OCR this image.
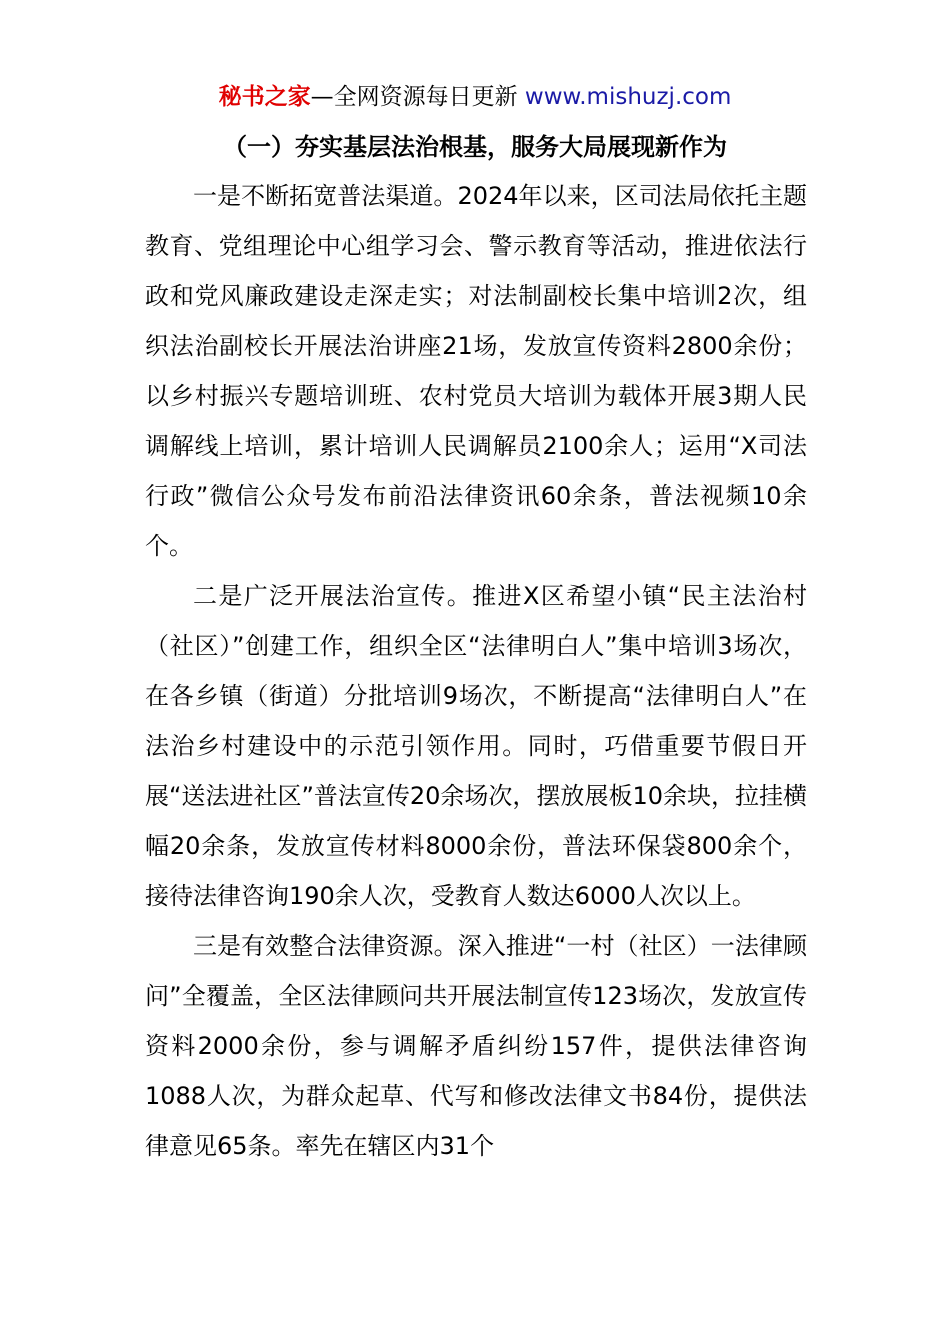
秘书之家—全网资源每日更新 www.mishuzj.com
（一）夯实基层法治根基，服务大局展现新作为

一是不断拓宽普法渠道。2024年以来，区司法局依托主题教育、党组理论中心组学习会、警示教育等活动，推进依法行政和党风廉政建设走深走实；对法制副校长集中培训2次，组织法治副校长开展法治讲座21场，发放宣传资料2800余份；以乡村振兴专题培训班、农村党员大培训为载体开展3期人民调解线上培训，累计培训人民调解员2100余人；运用“X司法行政”微信公众号发布前沿法律资讯60余条，普法视频10余个。

二是广泛开展法治宣传。推进X区希望小镇“民主法治村（社区）”创建工作，组织全区“法律明白人”集中培训3场次，在各乡镇（街道）分批培训9场次，不断提高“法律明白人”在法治乡村建设中的示范引领作用。同时，巧借重要节假日开展“送法进社区”普法宣传20余场次，摆放展板10余块，拉挂横幅20余条，发放宣传材料8000余份，普法环保袋800余个，接待法律咨询190余人次，受教育人数达6000人次以上。

三是有效整合法律资源。深入推进“一村（社区）一法律顾问”全覆盖，全区法律顾问共开展法制宣传123场次，发放宣传资料2000余份，参与调解矛盾纠纷157件，提供法律咨询1088人次，为群众起草、代写和修改法律文书84份，提供法律意见65条。率先在辖区内31个
